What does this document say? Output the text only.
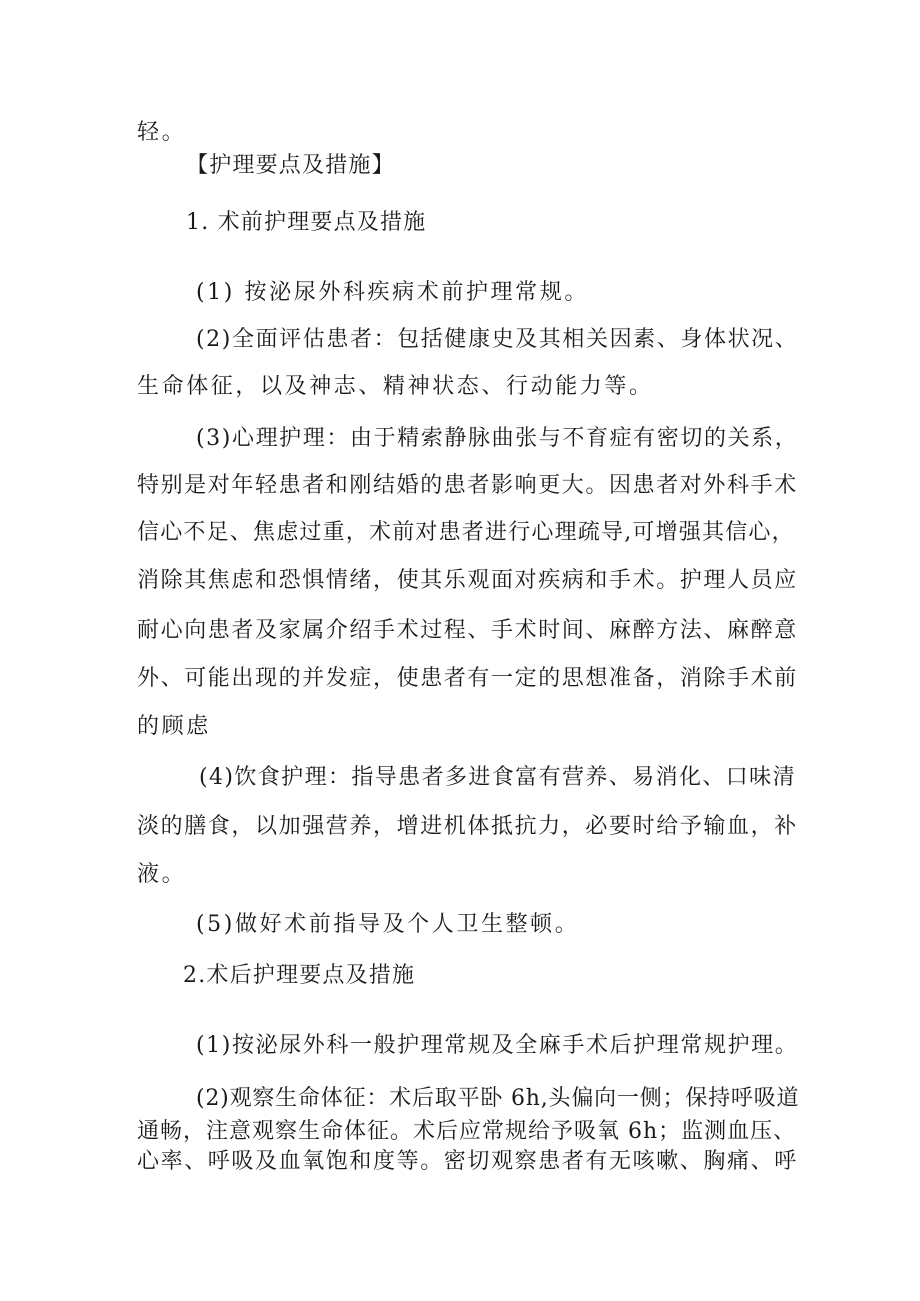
轻。
【护理要点及措施】
1. 术前护理要点及措施
(1) 按泌尿外科疾病术前护理常规。
(2)全面评估患者：包括健康史及其相关因素、身体状况、
生命体征，以及神志、精神状态、行动能力等。
(3)心理护理：由于精索静脉曲张与不育症有密切的关系，
特别是对年轻患者和刚结婚的患者影响更大。因患者对外科手术
信心不足、焦虑过重，术前对患者进行心理疏导,可增强其信心，
消除其焦虑和恐惧情绪，使其乐观面对疾病和手术。护理人员应
耐心向患者及家属介绍手术过程、手术时间、麻醉方法、麻醉意
外、可能出现的并发症，使患者有一定的思想准备，消除手术前
的顾虑
(4)饮食护理：指导患者多进食富有营养、易消化、口味清
淡的膳食，以加强营养，增进机体抵抗力，必要时给予输血，补
液。
(5)做好术前指导及个人卫生整顿。
2.术后护理要点及措施
(1)按泌尿外科一般护理常规及全麻手术后护理常规护理。
(2)观察生命体征：术后取平卧 6h,头偏向一侧；保持呼吸道
通畅，注意观察生命体征。术后应常规给予吸氧 6h；监测血压、
心率、呼吸及血氧饱和度等。密切观察患者有无咳嗽、胸痛、呼
